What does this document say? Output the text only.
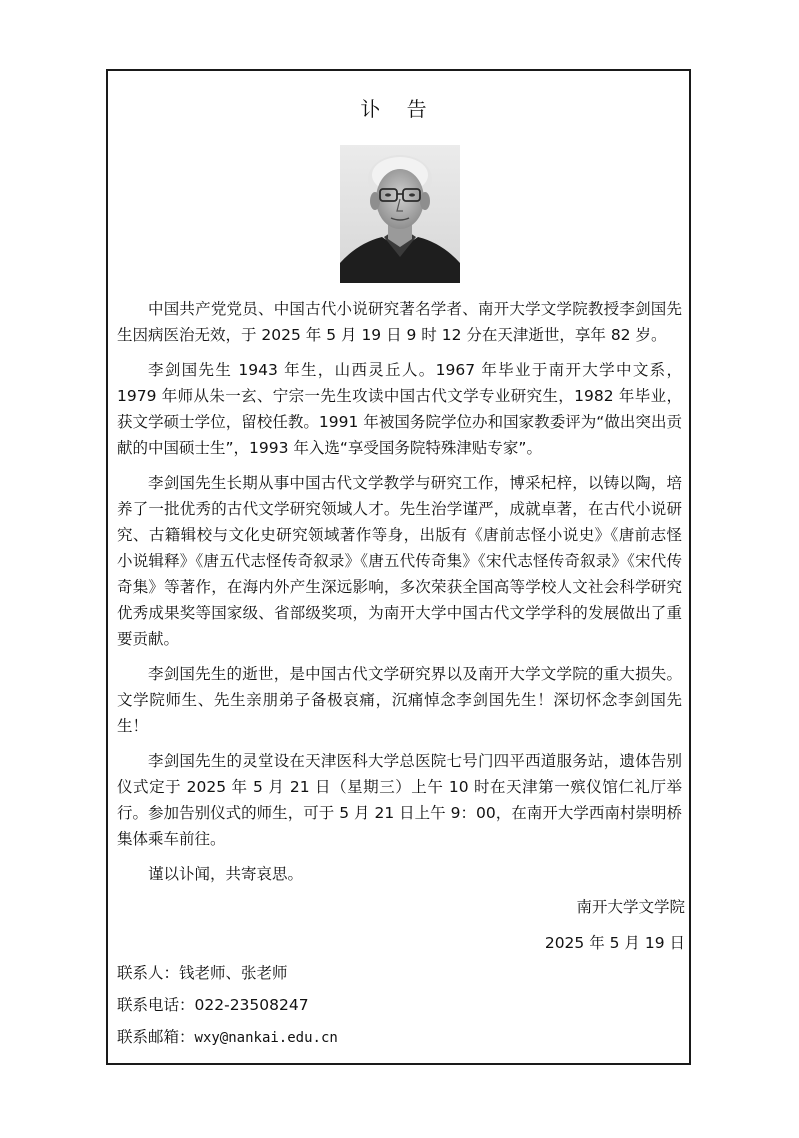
讣 告

中国共产党党员、中国古代小说研究著名学者、南开大学文学院教授李剑国先生因病医治无效，于 2025 年 5 月 19 日 9 时 12 分在天津逝世，享年 82 岁。

李剑国先生 1943 年生，山西灵丘人。1967 年毕业于南开大学中文系，1979 年师从朱一玄、宁宗一先生攻读中国古代文学专业研究生，1982 年毕业，获文学硕士学位，留校任教。1991 年被国务院学位办和国家教委评为“做出突出贡献的中国硕士生”，1993 年入选“享受国务院特殊津贴专家”。

李剑国先生长期从事中国古代文学教学与研究工作，博采杞梓，以铸以陶，培养了一批优秀的古代文学研究领域人才。先生治学谨严，成就卓著，在古代小说研究、古籍辑校与文化史研究领域著作等身，出版有《唐前志怪小说史》《唐前志怪小说辑释》《唐五代志怪传奇叙录》《唐五代传奇集》《宋代志怪传奇叙录》《宋代传奇集》等著作，在海内外产生深远影响，多次荣获全国高等学校人文社会科学研究优秀成果奖等国家级、省部级奖项，为南开大学中国古代文学学科的发展做出了重要贡献。

李剑国先生的逝世，是中国古代文学研究界以及南开大学文学院的重大损失。文学院师生、先生亲朋弟子备极哀痛，沉痛悼念李剑国先生！深切怀念李剑国先生！

李剑国先生的灵堂设在天津医科大学总医院七号门四平西道服务站，遗体告别仪式定于 2025 年 5 月 21 日（星期三）上午 10 时在天津第一殡仪馆仁礼厅举行。参加告别仪式的师生，可于 5 月 21 日上午 9：00，在南开大学西南村崇明桥集体乘车前往。

谨以讣闻，共寄哀思。

南开大学文学院
2025 年 5 月 19 日
联系人：钱老师、张老师
联系电话：022-23508247
联系邮箱：wxy@nankai.edu.cn
